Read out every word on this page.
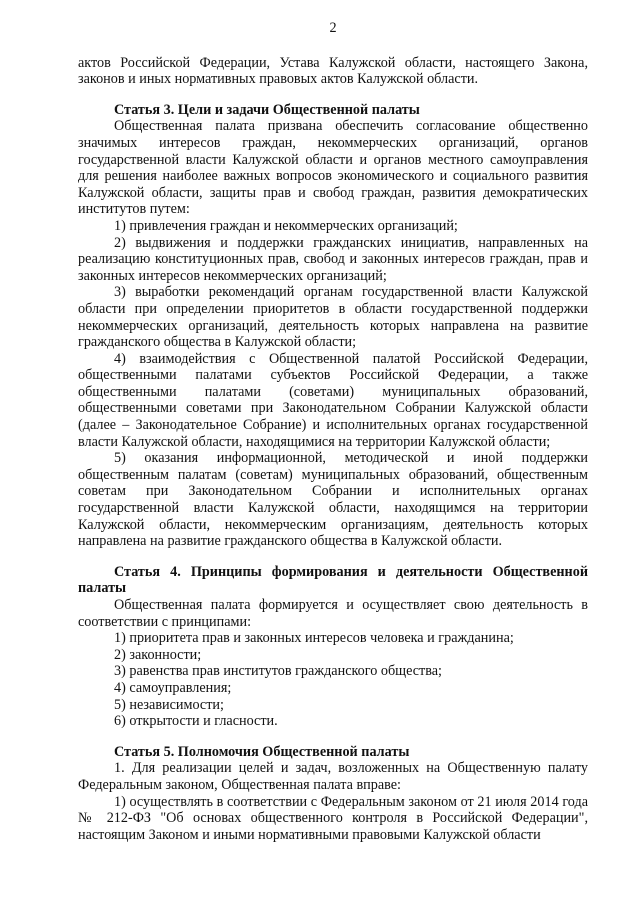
2

актов Российской Федерации, Устава Калужской области, настоящего Закона, законов и иных нормативных правовых актов Калужской области.

Статья 3. Цели и задачи Общественной палаты

Общественная палата призвана обеспечить согласование общественно значимых интересов граждан, некоммерческих организаций, органов государственной власти Калужской области и органов местного самоуправления для решения наиболее важных вопросов экономического и социального развития Калужской области, защиты прав и свобод граждан, развития демократических институтов путем:

1) привлечения граждан и некоммерческих организаций;

2) выдвижения и поддержки гражданских инициатив, направленных на реализацию конституционных прав, свобод и законных интересов граждан, прав и законных интересов некоммерческих организаций;

3) выработки рекомендаций органам государственной власти Калужской области при определении приоритетов в области государственной поддержки некоммерческих организаций, деятельность которых направлена на развитие гражданского общества в Калужской области;

4) взаимодействия с Общественной палатой Российской Федерации, общественными палатами субъектов Российской Федерации, а также общественными палатами (советами) муниципальных образований, общественными советами при Законодательном Собрании Калужской области (далее – Законодательное Собрание) и исполнительных органах государственной власти Калужской области, находящимися на территории Калужской области;

5) оказания информационной, методической и иной поддержки общественным палатам (советам) муниципальных образований, общественным советам при Законодательном Собрании и исполнительных органах государственной власти Калужской области, находящимся на территории Калужской области, некоммерческим организациям, деятельность которых направлена на развитие гражданского общества в Калужской области.

Статья 4. Принципы формирования и деятельности Общественной палаты

Общественная палата формируется и осуществляет свою деятельность в соответствии с принципами:

1) приоритета прав и законных интересов человека и гражданина;

2) законности;

3) равенства прав институтов гражданского общества;

4) самоуправления;

5) независимости;

6) открытости и гласности.

Статья 5. Полномочия Общественной палаты

1. Для реализации целей и задач, возложенных на Общественную палату Федеральным законом, Общественная палата вправе:

1) осуществлять в соответствии с Федеральным законом от 21 июля 2014 года № 212-ФЗ "Об основах общественного контроля в Российской Федерации", настоящим Законом и иными нормативными правовыми Калужской области
